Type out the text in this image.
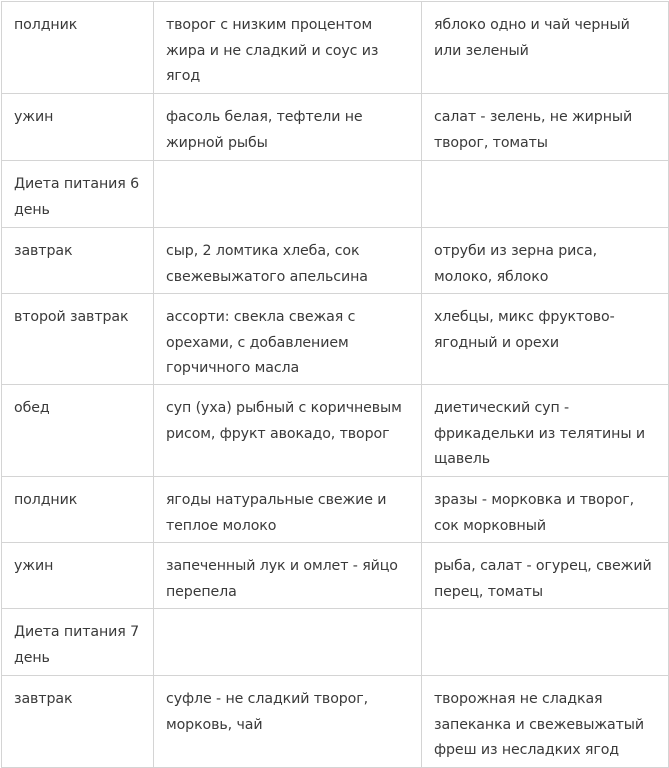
полдник	творог с низким процентом жира и не сладкий и соус из ягод	яблоко одно и чай черный или зеленый
ужин	фасоль белая, тефтели не жирной рыбы	салат - зелень, не жирный творог, томаты
Диета питания 6 день		
завтрак	сыр, 2 ломтика хлеба, сок свежевыжатого апельсина	отруби из зерна риса, молоко, яблоко
второй завтрак	ассорти: свекла свежая с орехами, с добавлением горчичного масла	хлебцы, микс фруктово-ягодный и орехи
обед	суп (уха) рыбный с коричневым рисом, фрукт авокадо, творог	диетический суп - фрикадельки из телятины и щавель
полдник	ягоды натуральные свежие и теплое молоко	зразы - морковка и творог, сок морковный
ужин	запеченный лук и омлет - яйцо перепела	рыба, салат - огурец, свежий перец, томаты
Диета питания 7 день		
завтрак	суфле - не сладкий творог, морковь, чай	творожная не сладкая запеканка и свежевыжатый фреш из несладких ягод
